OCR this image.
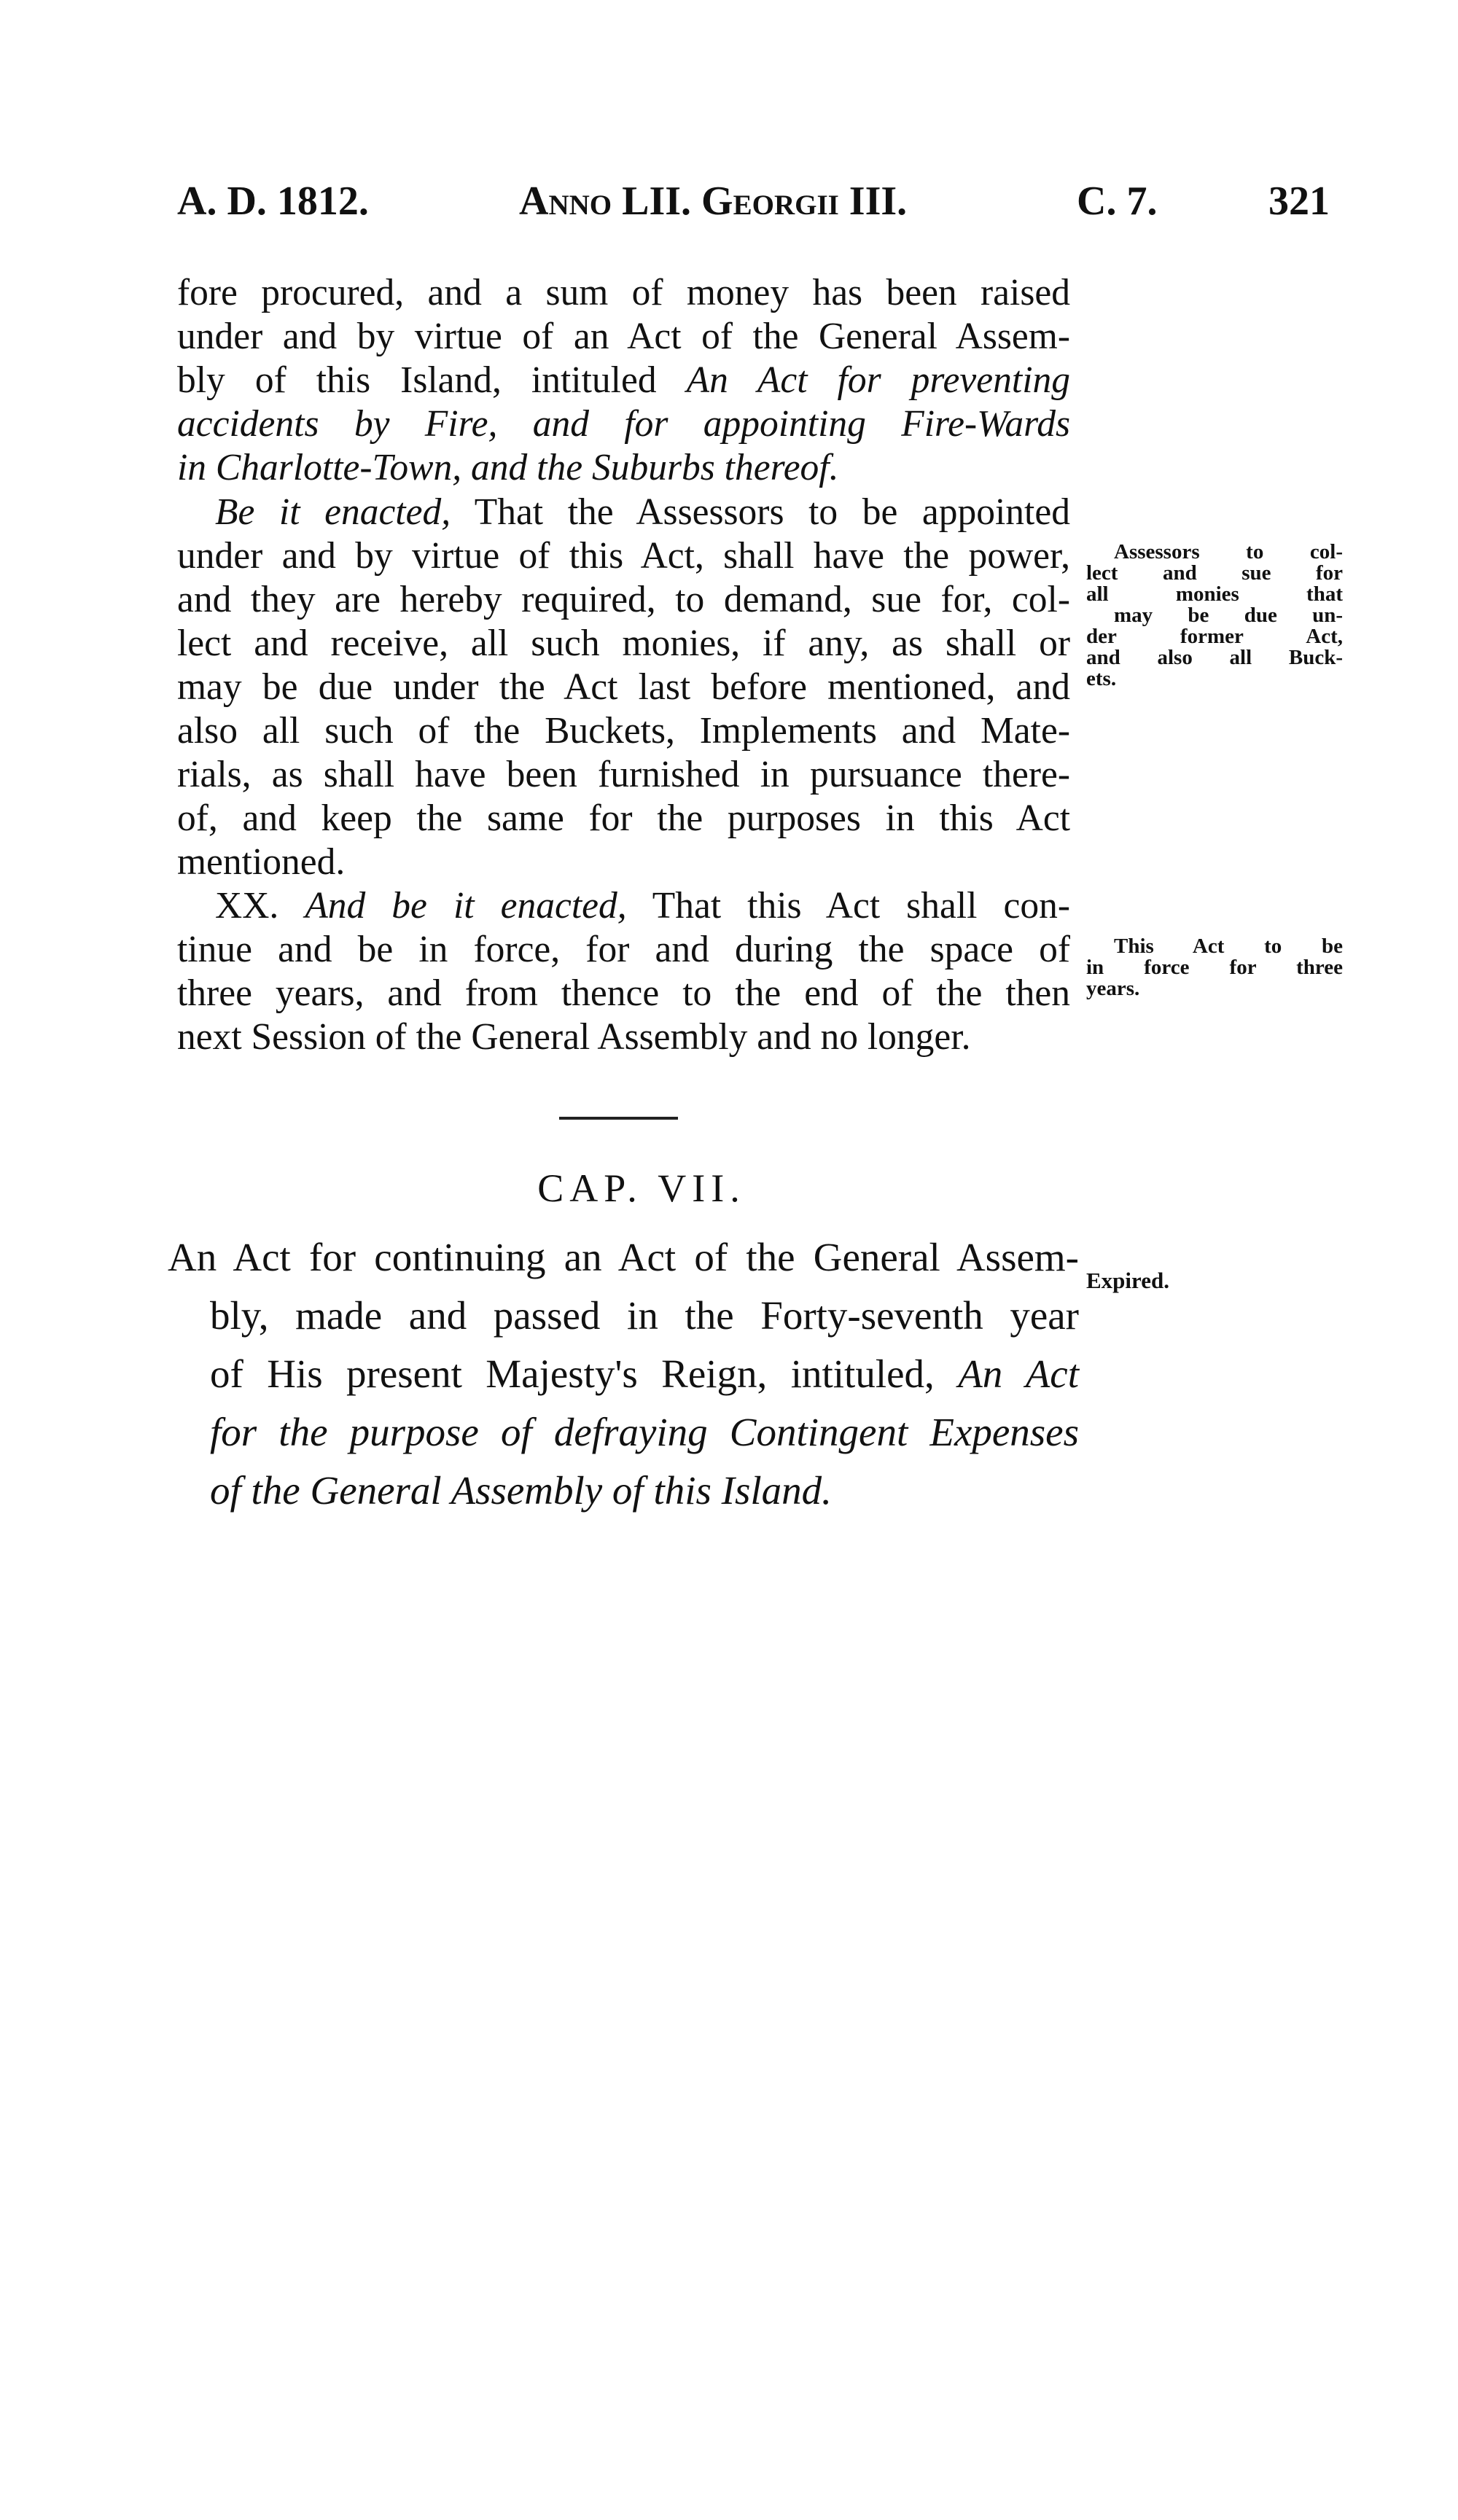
A. D. 1812.	Anno LII. Georgii III.	C. 7.	321
fore procured, and a sum of money has been raised
under and by virtue of an Act of the General Assem-
bly of this Island, intituled An Act for preventing
accidents by Fire, and for appointing Fire-Wards
in Charlotte-Town, and the Suburbs thereof.
Be it enacted, That the Assessors to be appointed
under and by virtue of this Act, shall have the power,
and they are hereby required, to demand, sue for, col-
lect and receive, all such monies, if any, as shall or
may be due under the Act last before mentioned, and
also all such of the Buckets, Implements and Mate-
rials, as shall have been furnished in pursuance there-
of, and keep the same for the purposes in this Act
mentioned.
XX. And be it enacted, That this Act shall con-
tinue and be in force, for and during the space of
three years, and from thence to the end of the then
next Session of the General Assembly and no longer.
Assessors to col-
lect and sue for
all monies that
may be due un-
der former Act,
and also all Buck-
ets.
This Act to be
in force for three
years.
CAP. VII.
An Act for continuing an Act of the General Assem-
bly, made and passed in the Forty-seventh year
of His present Majesty's Reign, intituled, An Act
for the purpose of defraying Contingent Expenses
of the General Assembly of this Island.
Expired.
